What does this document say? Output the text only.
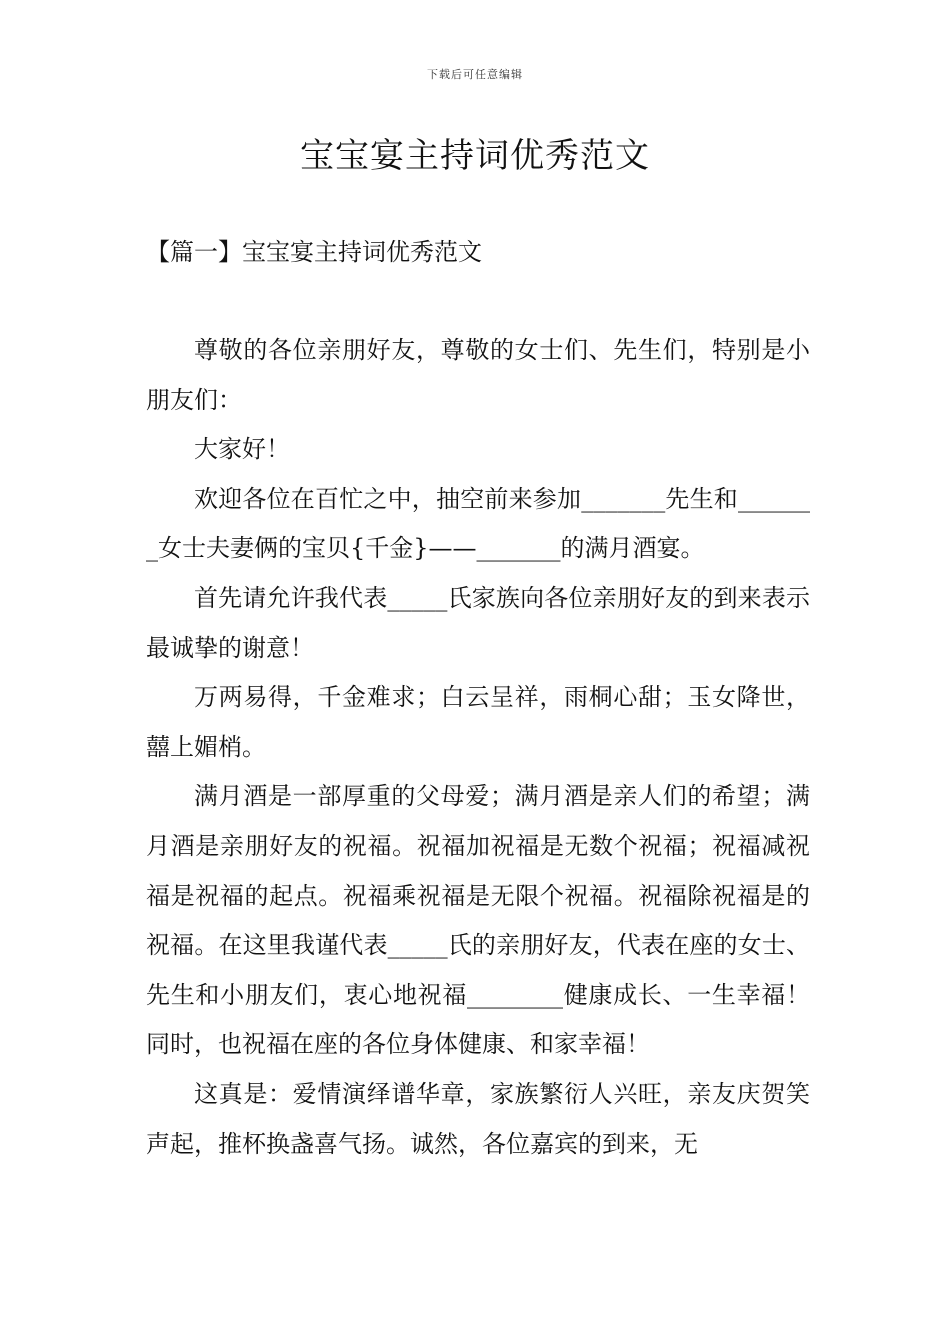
下载后可任意编辑
宝宝宴主持词优秀范文
【篇一】宝宝宴主持词优秀范文

尊敬的各位亲朋好友，尊敬的女士们、先生们，特别是小朋友们：

大家好！

欢迎各位在百忙之中，抽空前来参加_______先生和_______女士夫妻俩的宝贝{千金}——_______的满月酒宴。

首先请允许我代表_____氏家族向各位亲朋好友的到来表示最诚挚的谢意！

万两易得，千金难求；白云呈祥，雨桐心甜；玉女降世，囍上媚梢。

满月酒是一部厚重的父母爱；满月酒是亲人们的希望；满月酒是亲朋好友的祝福。祝福加祝福是无数个祝福；祝福减祝福是祝福的起点。祝福乘祝福是无限个祝福。祝福除祝福是的祝福。在这里我谨代表_____氏的亲朋好友，代表在座的女士、先生和小朋友们，衷心地祝福________健康成长、一生幸福！同时，也祝福在座的各位身体健康、和家幸福！

这真是：爱情演绎谱华章，家族繁衍人兴旺，亲友庆贺笑声起，推杯换盏喜气扬。诚然，各位嘉宾的到来，无
